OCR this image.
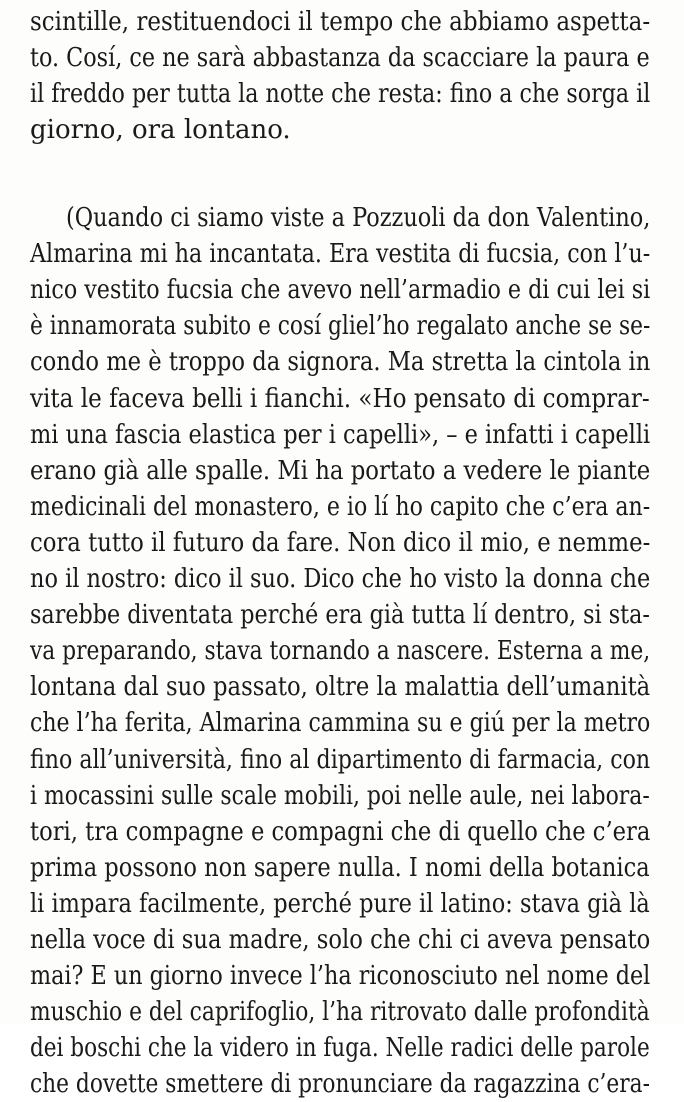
scintille, restituendoci il tempo che abbiamo aspetta-
to. Cosí, ce ne sarà abbastanza da scacciare la paura e
il freddo per tutta la notte che resta: fino a che sorga il
giorno, ora lontano.
(Quando ci siamo viste a Pozzuoli da don Valentino,
Almarina mi ha incantata. Era vestita di fucsia, con l’u-
nico vestito fucsia che avevo nell’armadio e di cui lei si
è innamorata subito e cosí gliel’ho regalato anche se se-
condo me è troppo da signora. Ma stretta la cintola in
vita le faceva belli i fianchi. «Ho pensato di comprar-
mi una fascia elastica per i capelli», – e infatti i capelli
erano già alle spalle. Mi ha portato a vedere le piante
medicinali del monastero, e io lí ho capito che c’era an-
cora tutto il futuro da fare. Non dico il mio, e nemme-
no il nostro: dico il suo. Dico che ho visto la donna che
sarebbe diventata perché era già tutta lí dentro, si sta-
va preparando, stava tornando a nascere. Esterna a me,
lontana dal suo passato, oltre la malattia dell’umanità
che l’ha ferita, Almarina cammina su e giú per la metro
fino all’università, fino al dipartimento di farmacia, con
i mocassini sulle scale mobili, poi nelle aule, nei labora-
tori, tra compagne e compagni che di quello che c’era
prima possono non sapere nulla. I nomi della botanica
li impara facilmente, perché pure il latino: stava già là
nella voce di sua madre, solo che chi ci aveva pensato
mai? E un giorno invece l’ha riconosciuto nel nome del
muschio e del caprifoglio, l’ha ritrovato dalle profondità
dei boschi che la videro in fuga. Nelle radici delle parole
che dovette smettere di pronunciare da ragazzina c’era-
